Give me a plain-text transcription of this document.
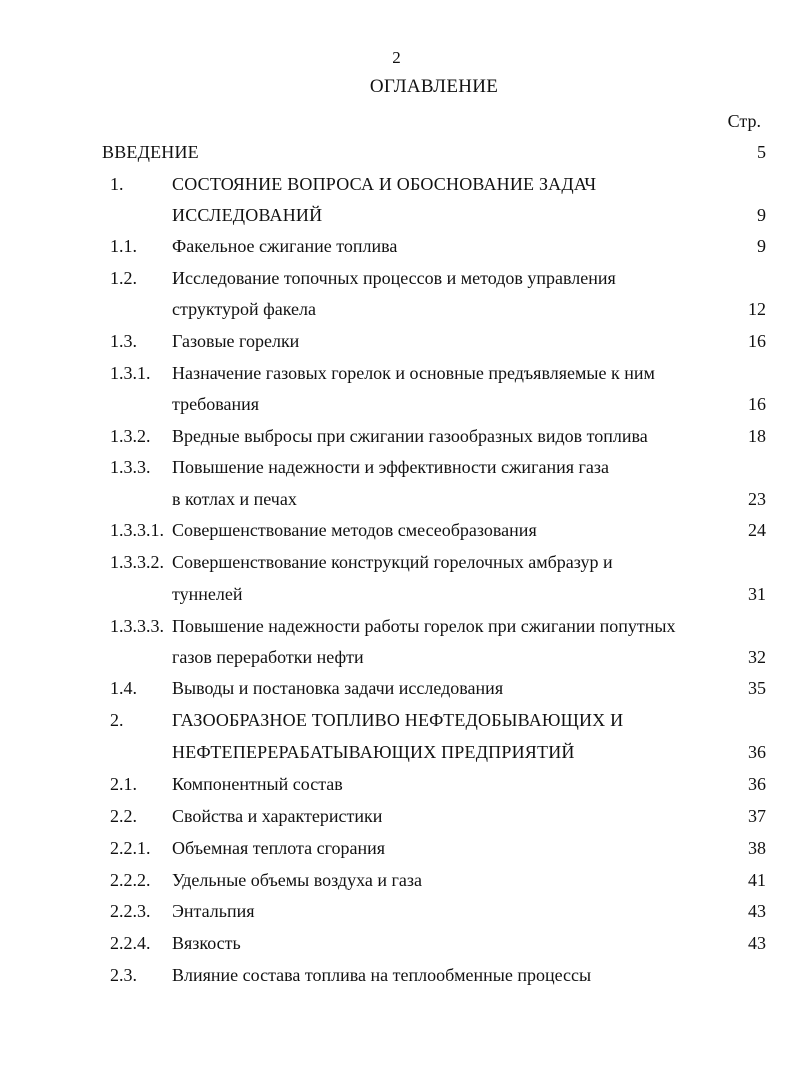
2
ОГЛАВЛЕНИЕ
Стр.
ВВЕДЕНИЕ	5
1.	СОСТОЯНИЕ ВОПРОСА И ОБОСНОВАНИЕ ЗАДАЧ
ИССЛЕДОВАНИЙ	9
1.1. Факельное сжигание топлива	9
1.2. Исследование топочных процессов и методов управления
структурой факела	12
1.3. Газовые горелки	16
1.3.1. Назначение газовых горелок и основные предъявляемые к ним
требования	16
1.3.2. Вредные выбросы при сжигании газообразных видов топлива	18
1.3.3. Повышение надежности и эффективности сжигания газа
в котлах и печах	23
1.3.3.1. Совершенствование методов смесеобразования	24
1.3.3.2. Совершенствование конструкций горелочных амбразур и
туннелей	31
1.3.3.3. Повышение надежности работы горелок при сжигании попутных
газов переработки нефти	32
1.4. Выводы и постановка задачи исследования	35
2.	ГАЗООБРАЗНОЕ ТОПЛИВО НЕФТЕДОБЫВАЮЩИХ И
НЕФТЕПЕРЕРАБАТЫВАЮЩИХ ПРЕДПРИЯТИЙ	36
2.1. Компонентный состав	36
2.2. Свойства и характеристики	37
2.2.1. Объемная теплота сгорания	38
2.2.2. Удельные объемы воздуха и газа	41
2.2.3. Энтальпия	43
2.2.4. Вязкость	43
2.3. Влияние состава топлива на теплообменные процессы
